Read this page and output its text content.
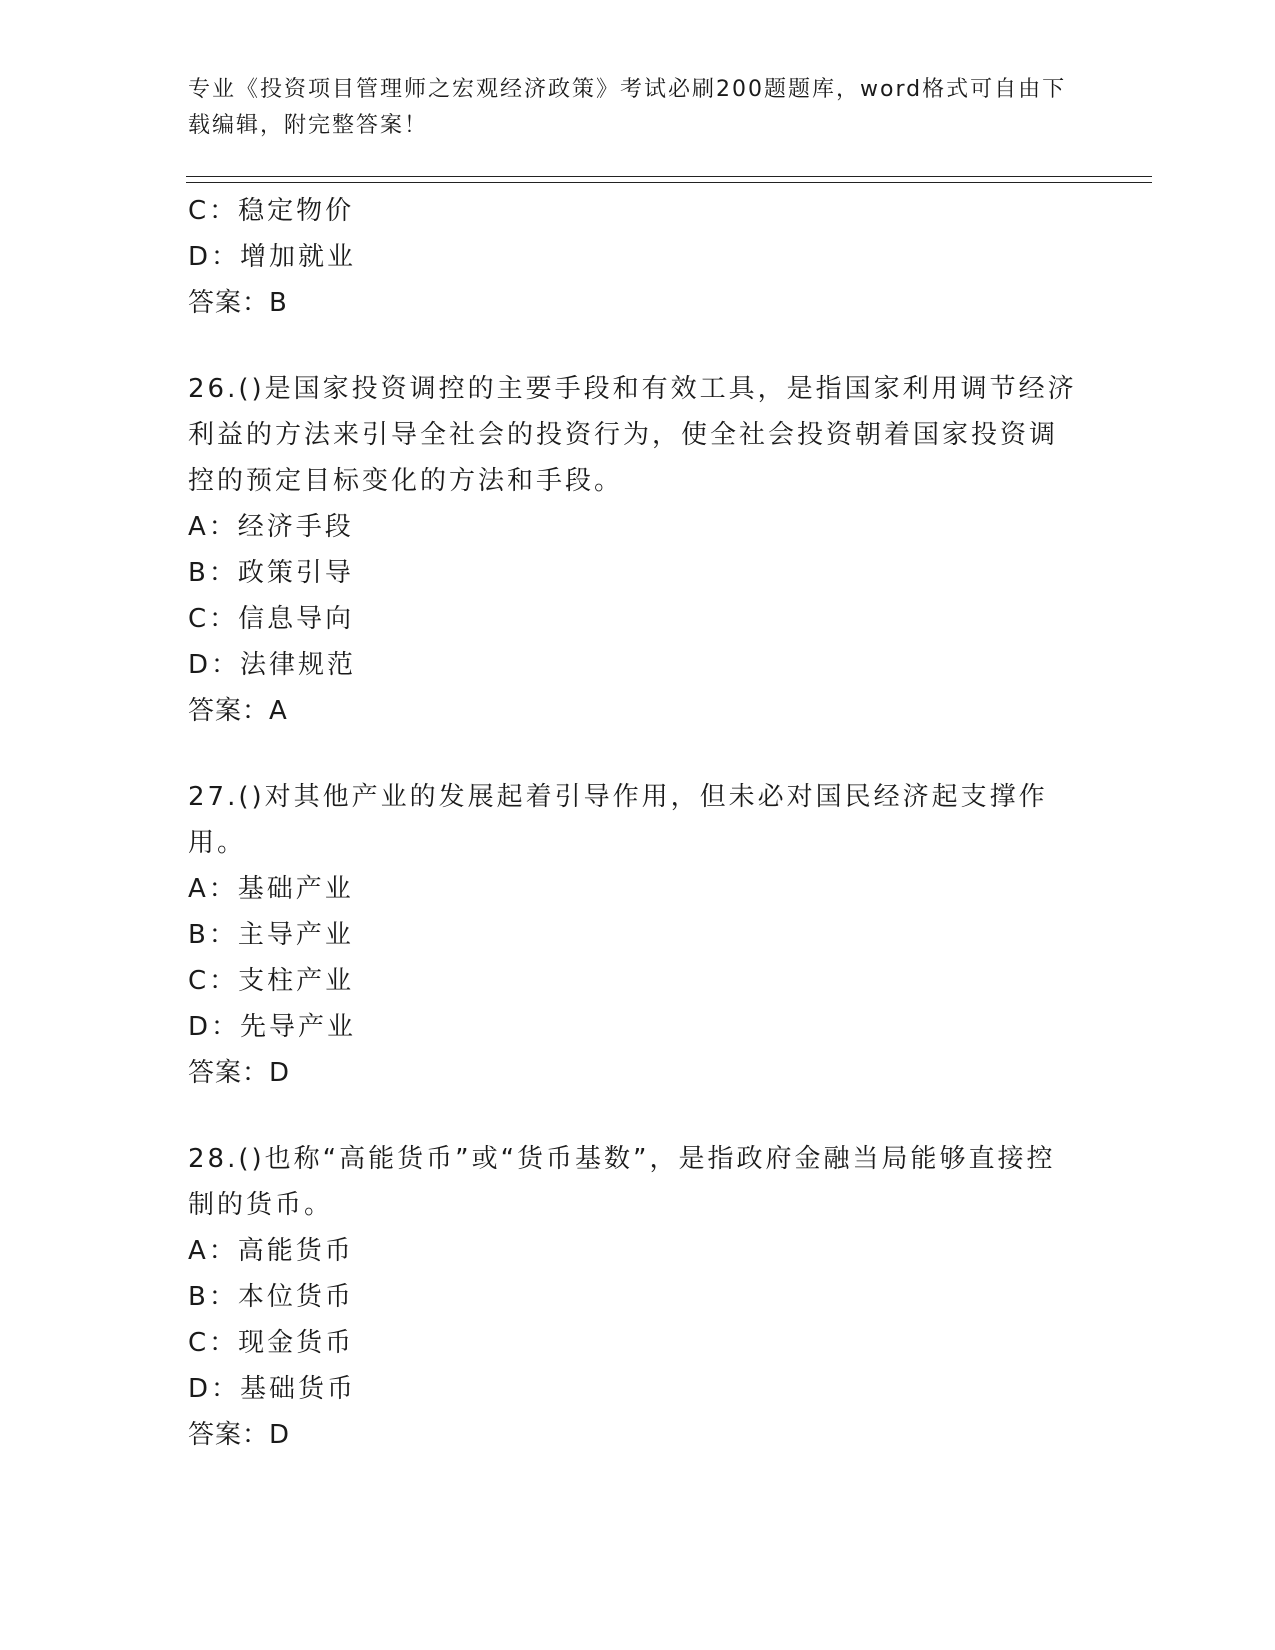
专业《投资项目管理师之宏观经济政策》考试必刷200题题库，word格式可自由下载编辑，附完整答案！
C：稳定物价
D：增加就业
答案：B
26.()是国家投资调控的主要手段和有效工具，是指国家利用调节经济利益的方法来引导全社会的投资行为，使全社会投资朝着国家投资调控的预定目标变化的方法和手段。
A：经济手段
B：政策引导
C：信息导向
D：法律规范
答案：A
27.()对其他产业的发展起着引导作用，但未必对国民经济起支撑作用。
A：基础产业
B：主导产业
C：支柱产业
D：先导产业
答案：D
28.()也称“高能货币”或“货币基数”，是指政府金融当局能够直接控制的货币。
A：高能货币
B：本位货币
C：现金货币
D：基础货币
答案：D
